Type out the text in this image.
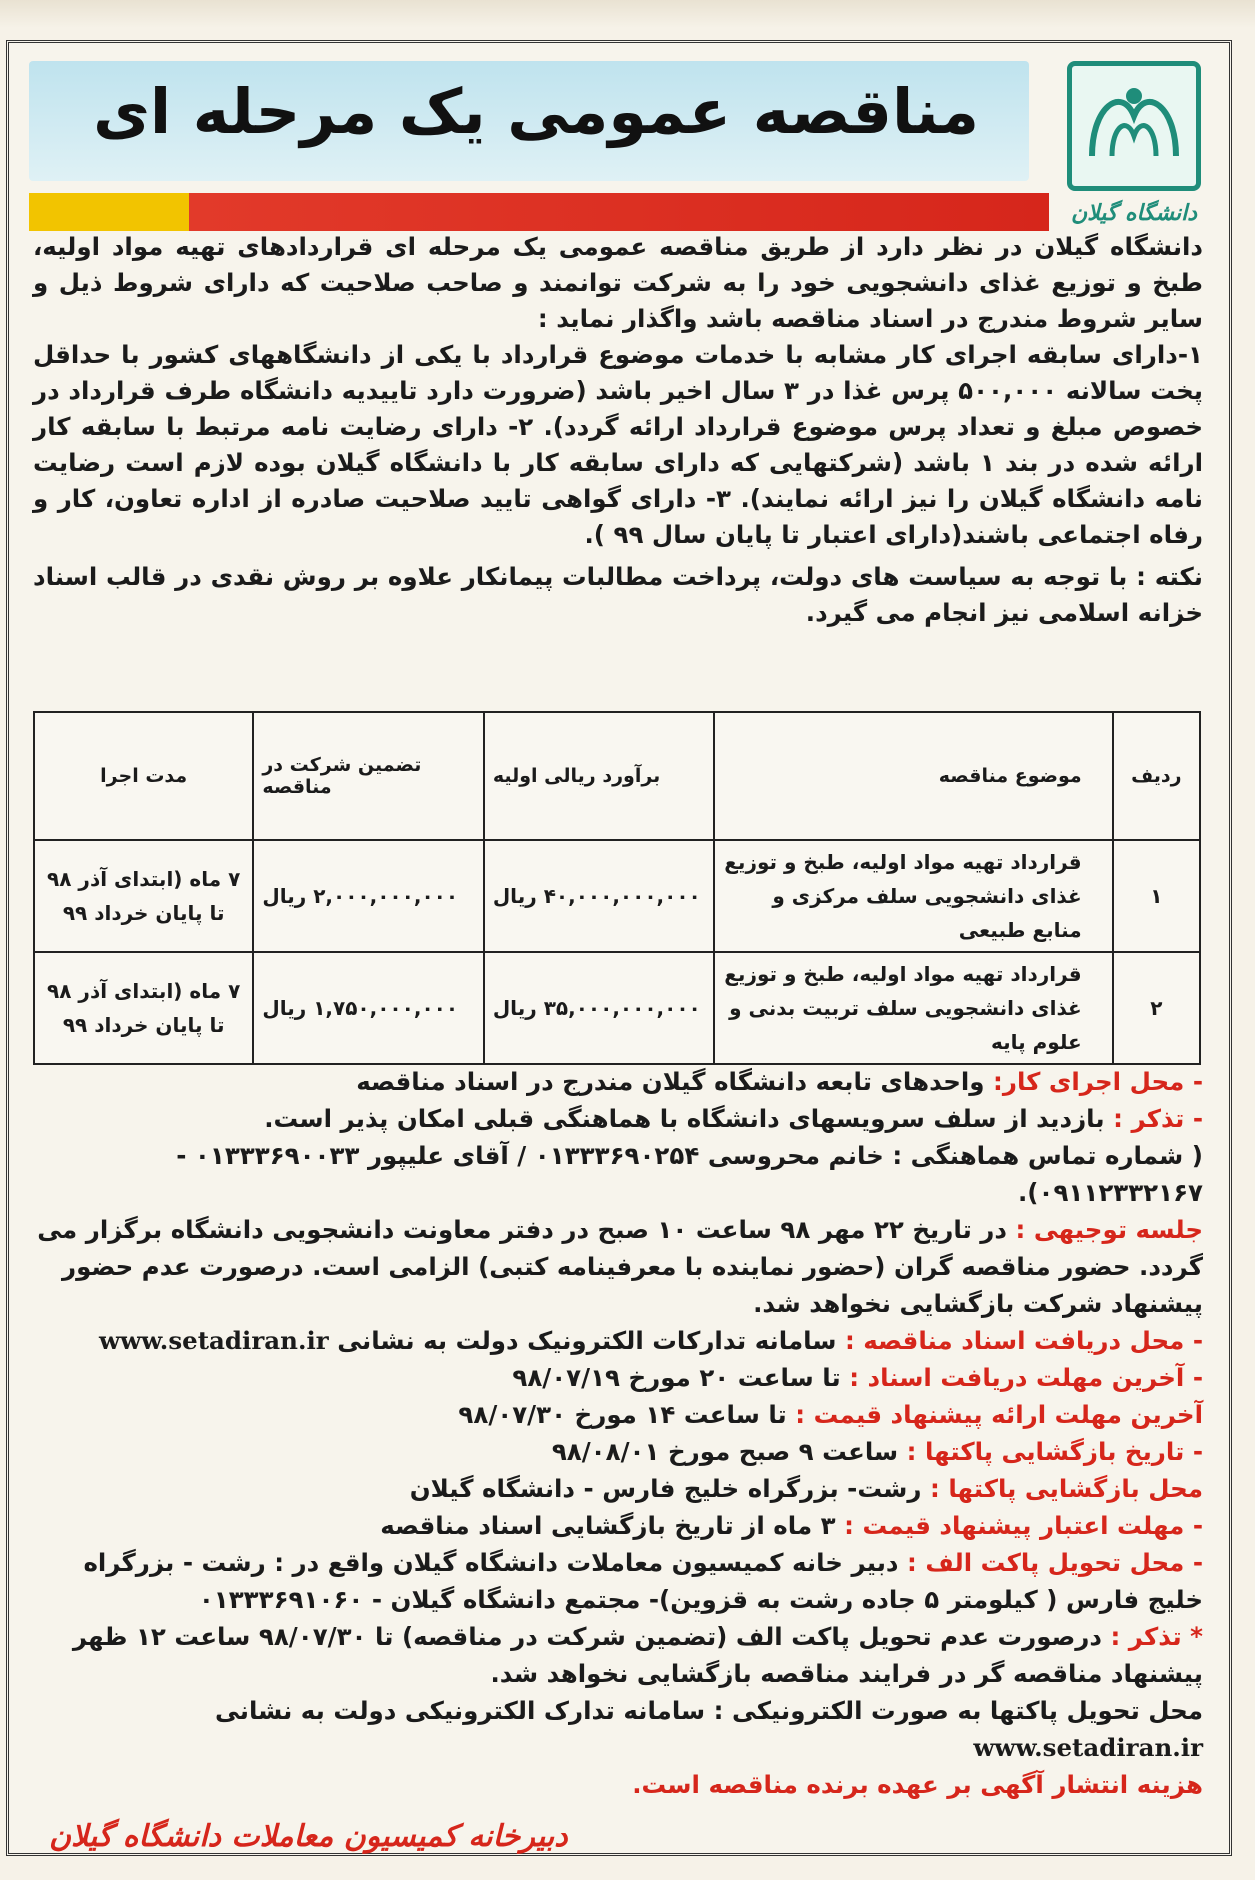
مناقصه عمومی یک مرحله ای
دانشگاه گیلان

دانشگاه گیلان در نظر دارد از طریق مناقصه عمومی یک مرحله ای قراردادهای تهیه مواد اولیه، طبخ و توزیع غذای دانشجویی خود را به شرکت توانمند و صاحب صلاحیت که دارای شروط ذیل و سایر شروط مندرج در اسناد مناقصه باشد واگذار نماید :

۱-دارای سابقه اجرای کار مشابه با خدمات موضوع قرارداد با یکی از دانشگاههای کشور با حداقل پخت سالانه ۵۰۰,۰۰۰ پرس غذا در ۳ سال اخیر باشد (ضرورت دارد تاییدیه دانشگاه طرف قرارداد در خصوص مبلغ و تعداد پرس موضوع قرارداد ارائه گردد). ۲- دارای رضایت نامه مرتبط با سابقه کار ارائه شده در بند ۱ باشد (شرکتهایی که دارای سابقه کار با دانشگاه گیلان بوده لازم است رضایت نامه دانشگاه گیلان را نیز ارائه نمایند). ۳- دارای گواهی تایید صلاحیت صادره از اداره تعاون، کار و رفاه اجتماعی باشند(دارای اعتبار تا پایان سال ۹۹ ).

نکته : با توجه به سیاست های دولت، پرداخت مطالبات پیمانکار علاوه بر روش نقدی در قالب اسناد خزانه اسلامی نیز انجام می گیرد.

ردیف	موضوع مناقصه	برآورد ریالی اولیه	تضمین شرکت در مناقصه	مدت اجرا
۱	قرارداد تهیه مواد اولیه، طبخ و توزیع غذای دانشجویی سلف مرکزی و منابع طبیعی	۴۰,۰۰۰,۰۰۰,۰۰۰ ریال	۲,۰۰۰,۰۰۰,۰۰۰ ریال	۷ ماه (ابتدای آذر ۹۸ تا پایان خرداد ۹۹
۲	قرارداد تهیه مواد اولیه، طبخ و توزیع غذای دانشجویی سلف تربیت بدنی و علوم پایه	۳۵,۰۰۰,۰۰۰,۰۰۰ ریال	۱,۷۵۰,۰۰۰,۰۰۰ ریال	۷ ماه (ابتدای آذر ۹۸ تا پایان خرداد ۹۹

- محل اجرای کار: واحدهای تابعه دانشگاه گیلان مندرج در اسناد مناقصه

- تذکر : بازدید از سلف سرویسهای دانشگاه با هماهنگی قبلی امکان پذیر است.

( شماره تماس هماهنگی : خانم محروسی ۰۱۳۳۳۶۹۰۲۵۴ / آقای علیپور ۰۱۳۳۳۶۹۰۰۳۳ - ۰۹۱۱۲۳۳۲۱۶۷).

جلسه توجیهی : در تاریخ ۲۲ مهر ۹۸ ساعت ۱۰ صبح در دفتر معاونت دانشجویی دانشگاه برگزار می گردد. حضور مناقصه گران (حضور نماینده با معرفینامه کتبی) الزامی است. درصورت عدم حضور پیشنهاد شرکت بازگشایی نخواهد شد.

- محل دریافت اسناد مناقصه : سامانه تدارکات الکترونیک دولت به نشانی www.setadiran.ir

- آخرین مهلت دریافت اسناد : تا ساعت ۲۰ مورخ ۹۸/۰۷/۱۹

آخرین مهلت ارائه پیشنهاد قیمت : تا ساعت ۱۴ مورخ ۹۸/۰۷/۳۰

- تاریخ بازگشایی پاکتها : ساعت ۹ صبح مورخ ۹۸/۰۸/۰۱

محل بازگشایی پاکتها : رشت- بزرگراه خلیج فارس - دانشگاه گیلان

- مهلت اعتبار پیشنهاد قیمت : ۳ ماه از تاریخ بازگشایی اسناد مناقصه

- محل تحویل پاکت الف : دبیر خانه کمیسیون معاملات دانشگاه گیلان واقع در : رشت - بزرگراه خلیج فارس ( کیلومتر ۵ جاده رشت به قزوین)- مجتمع دانشگاه گیلان - ۰۱۳۳۳۶۹۱۰۶۰

* تذکر : درصورت عدم تحویل پاکت الف (تضمین شرکت در مناقصه) تا ۹۸/۰۷/۳۰ ساعت ۱۲ ظهر پیشنهاد مناقصه گر در فرایند مناقصه بازگشایی نخواهد شد.

محل تحویل پاکتها به صورت الکترونیکی : سامانه تدارک الکترونیکی دولت به نشانی www.setadiran.ir

هزینه انتشار آگهی بر عهده برنده مناقصه است.

دبیرخانه کمیسیون معاملات دانشگاه گیلان
